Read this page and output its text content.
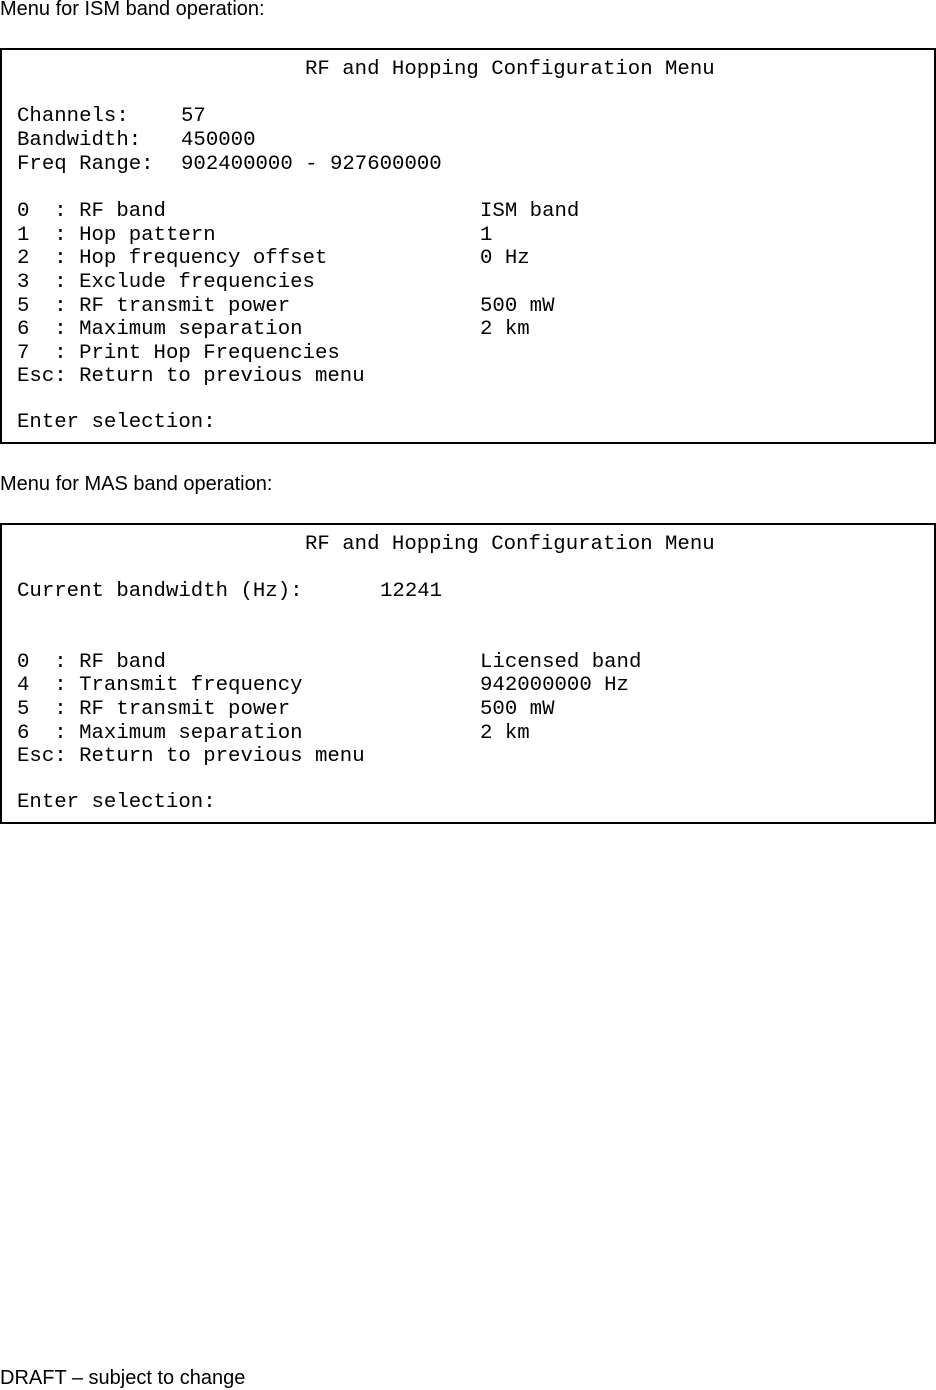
Menu for ISM band operation:
RF and Hopping Configuration Menu
Channels:	57
Bandwidth: 450000
Freq Range: 902400000 - 927600000
0  : RF band	ISM band
1  : Hop pattern	1
2  : Hop frequency offset	0 Hz
3  : Exclude frequencies
5  : RF transmit power	500 mW
6  : Maximum separation	2 km
7  : Print Hop Frequencies
Esc: Return to previous menu
Enter selection:
Menu for MAS band operation:
RF and Hopping Configuration Menu
Current bandwidth (Hz):	12241
0  : RF band	Licensed band
4  : Transmit frequency	942000000 Hz
5  : RF transmit power	500 mW
6  : Maximum separation	2 km
Esc: Return to previous menu
Enter selection:
DRAFT – subject to change
